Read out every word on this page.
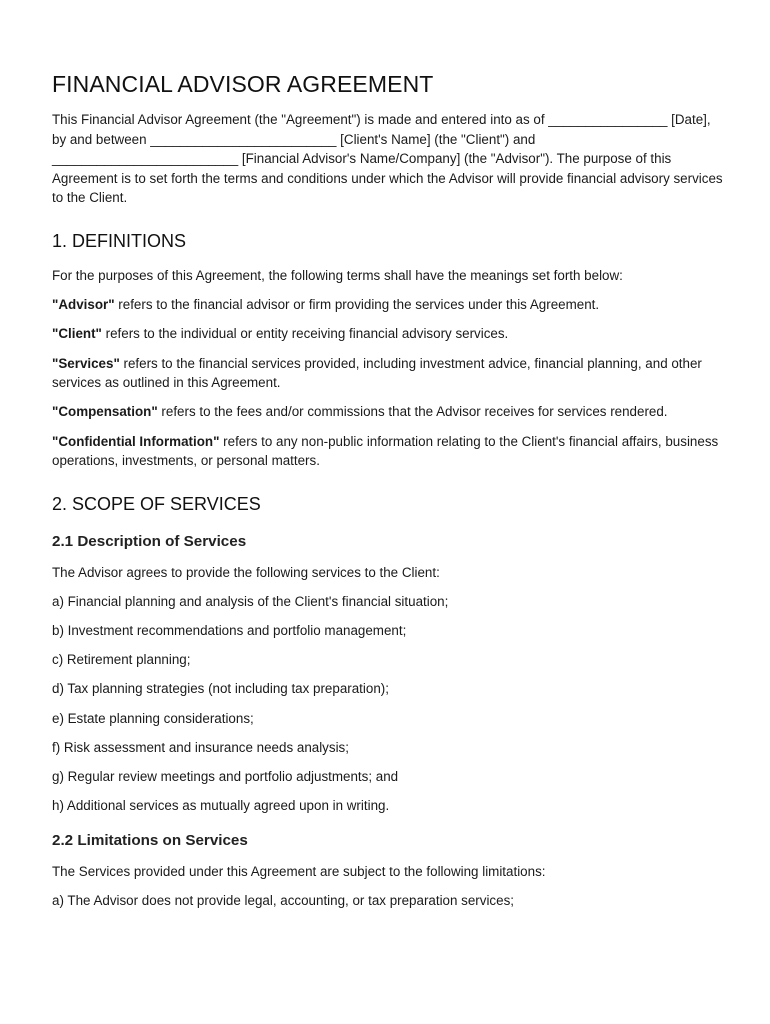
FINANCIAL ADVISOR AGREEMENT

This Financial Advisor Agreement (the "Agreement") is made and entered into as of ________________ [Date], by and between _________________________ [Client's Name] (the "Client") and _________________________ [Financial Advisor's Name/Company] (the "Advisor"). The purpose of this Agreement is to set forth the terms and conditions under which the Advisor will provide financial advisory services to the Client.

1. DEFINITIONS

For the purposes of this Agreement, the following terms shall have the meanings set forth below:

"Advisor" refers to the financial advisor or firm providing the services under this Agreement.

"Client" refers to the individual or entity receiving financial advisory services.

"Services" refers to the financial services provided, including investment advice, financial planning, and other services as outlined in this Agreement.

"Compensation" refers to the fees and/or commissions that the Advisor receives for services rendered.

"Confidential Information" refers to any non-public information relating to the Client's financial affairs, business operations, investments, or personal matters.

2. SCOPE OF SERVICES
2.1 Description of Services

The Advisor agrees to provide the following services to the Client:

a) Financial planning and analysis of the Client's financial situation;

b) Investment recommendations and portfolio management;

c) Retirement planning;

d) Tax planning strategies (not including tax preparation);

e) Estate planning considerations;

f) Risk assessment and insurance needs analysis;

g) Regular review meetings and portfolio adjustments; and

h) Additional services as mutually agreed upon in writing.

2.2 Limitations on Services

The Services provided under this Agreement are subject to the following limitations:

a) The Advisor does not provide legal, accounting, or tax preparation services;
